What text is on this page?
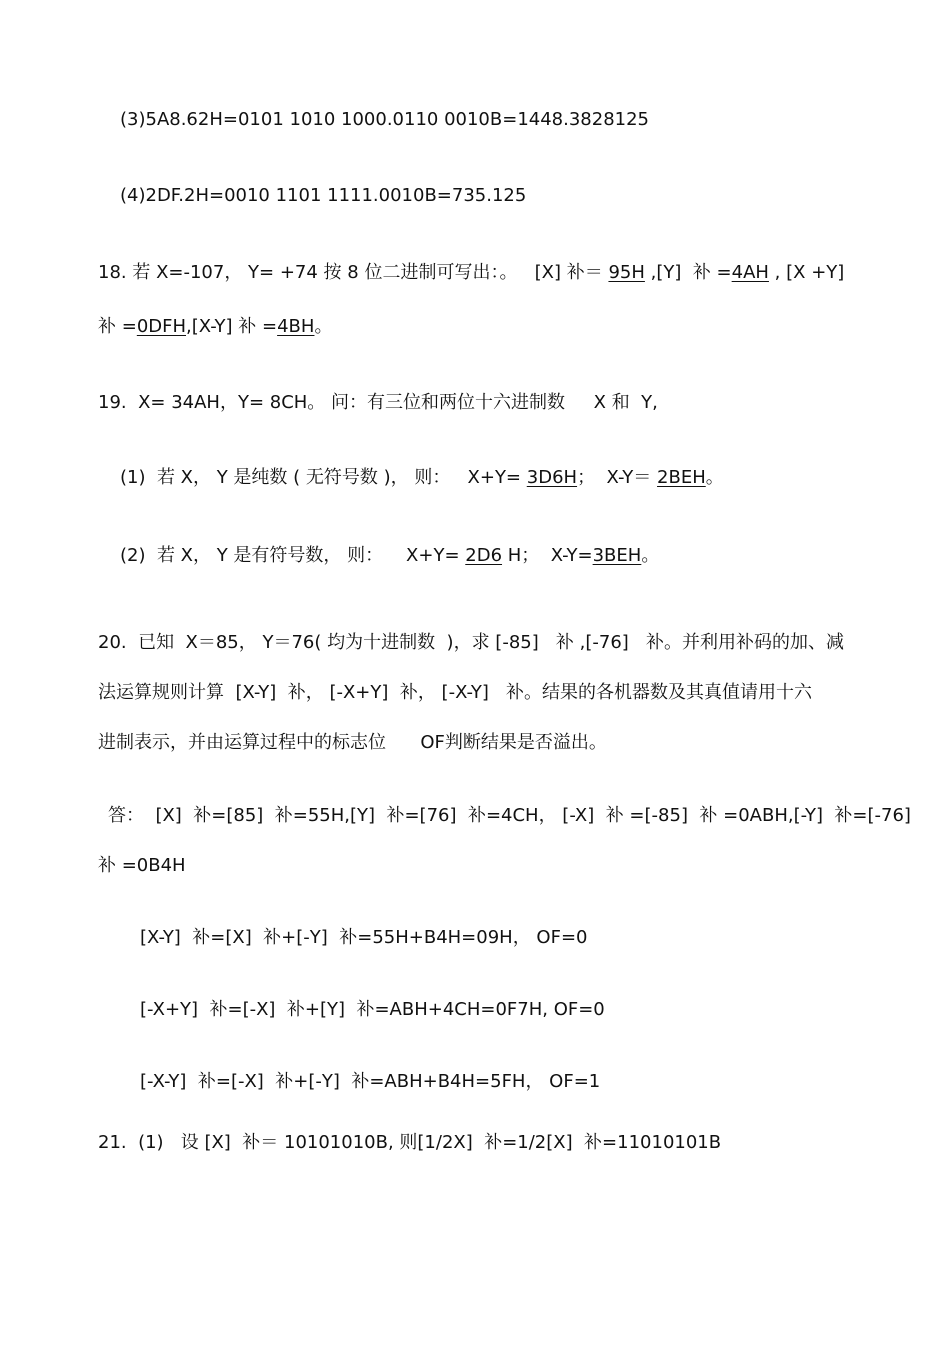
(3)5A8.62H=0101 1010 1000.0110 0010B=1448.3828125
(4)2DF.2H=0010 1101 1111.0010B=735.125
18. 若 X=-107， Y= +74 按 8 位二进制可写出：。   [X] 补＝ 95H ,[Y]  补 =4AH , [X +Y]
补 =0DFH,[X-Y] 补 =4BH。
19.  X= 34AH，Y= 8CH。 问：有三位和两位十六进制数     X 和  Y,
(1)  若 X， Y 是纯数 ( 无符号数 )， 则：   X+Y= 3D6H；  X-Y＝ 2BEH。
(2)  若 X， Y 是有符号数， 则：    X+Y= 2D6 H；  X-Y=3BEH。
20.  已知  X＝85， Y＝76( 均为十进制数  )，求 [-85]   补 ,[-76]   补。并利用补码的加、减
法运算规则计算  [X-Y]  补， [-X+Y]  补， [-X-Y]   补。结果的各机器数及其真值请用十六
进制表示，并由运算过程中的标志位      OF判断结果是否溢出。
答：  [X]  补=[85]  补=55H,[Y]  补=[76]  补=4CH， [-X]  补 =[-85]  补 =0ABH,[-Y]  补=[-76]
补 =0B4H
[X-Y]  补=[X]  补+[-Y]  补=55H+B4H=09H， OF=0
[-X+Y]  补=[-X]  补+[Y]  补=ABH+4CH=0F7H, OF=0
[-X-Y]  补=[-X]  补+[-Y]  补=ABH+B4H=5FH， OF=1
21.  (1)   设 [X]  补＝ 10101010B, 则[1/2X]  补=1/2[X]  补=11010101B
